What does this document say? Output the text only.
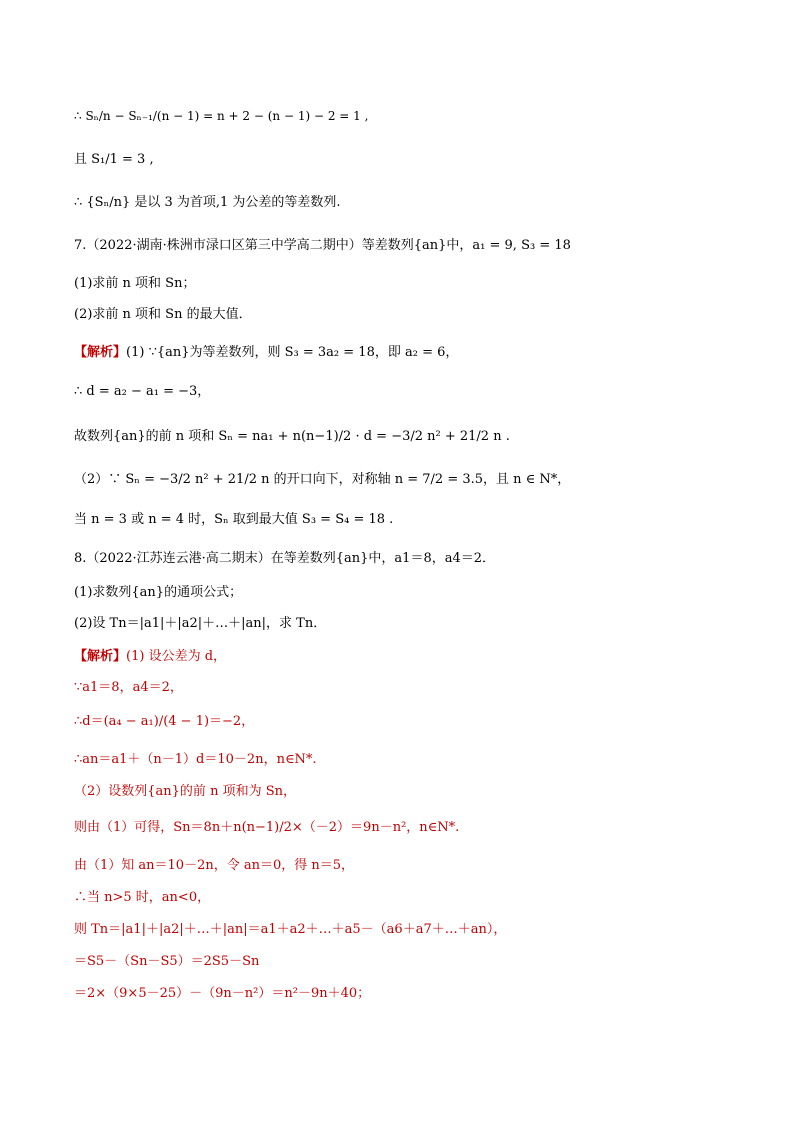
∴ Sₙ/n − Sₙ₋₁/(n − 1) = n + 2 − (n − 1) − 2 = 1 ,
且 S₁/1 = 3 ,
∴ {Sₙ/n} 是以 3 为首项,1 为公差的等差数列.
7.（2022·湖南·株洲市渌口区第三中学高二期中）等差数列{an}中，a₁ = 9, S₃ = 18
(1)求前 n 项和 Sn；
(2)求前 n 项和 Sn 的最大值．
【解析】(1) ∵{an}为等差数列，则 S₃ = 3a₂ = 18，即 a₂ = 6，
∴ d = a₂ − a₁ = −3，
故数列{an}的前 n 项和 Sₙ = na₁ + n(n−1)/2 · d = −3/2 n² + 21/2 n .
（2）∵ Sₙ = −3/2 n² + 21/2 n 的开口向下，对称轴 n = 7/2 = 3.5，且 n ∈ N*，
当 n = 3 或 n = 4 时，Sₙ 取到最大值 S₃ = S₄ = 18 .
8.（2022·江苏连云港·高二期末）在等差数列{an}中，a1＝8，a4＝2．
(1)求数列{an}的通项公式；
(2)设 Tn＝|a1|＋|a2|＋…＋|an|，求 Tn．
【解析】(1) 设公差为 d，
∵a1＝8，a4＝2，
∴d＝(a₄ − a₁)/(4 − 1)＝−2，
∴an＝a1＋（n－1）d＝10－2n，n∈N*.
（2）设数列{an}的前 n 项和为 Sn，
则由（1）可得，Sn＝8n＋n(n−1)/2×（－2）＝9n－n²，n∈N*.
由（1）知 an＝10－2n，令 an＝0，得 n＝5，
∴当 n>5 时，an<0，
则 Tn＝|a1|＋|a2|＋…＋|an|＝a1＋a2＋…＋a5－（a6＋a7＋…＋an），
＝S5－（Sn－S5）＝2S5－Sn
＝2×（9×5－25）－（9n－n²）＝n²－9n＋40；
